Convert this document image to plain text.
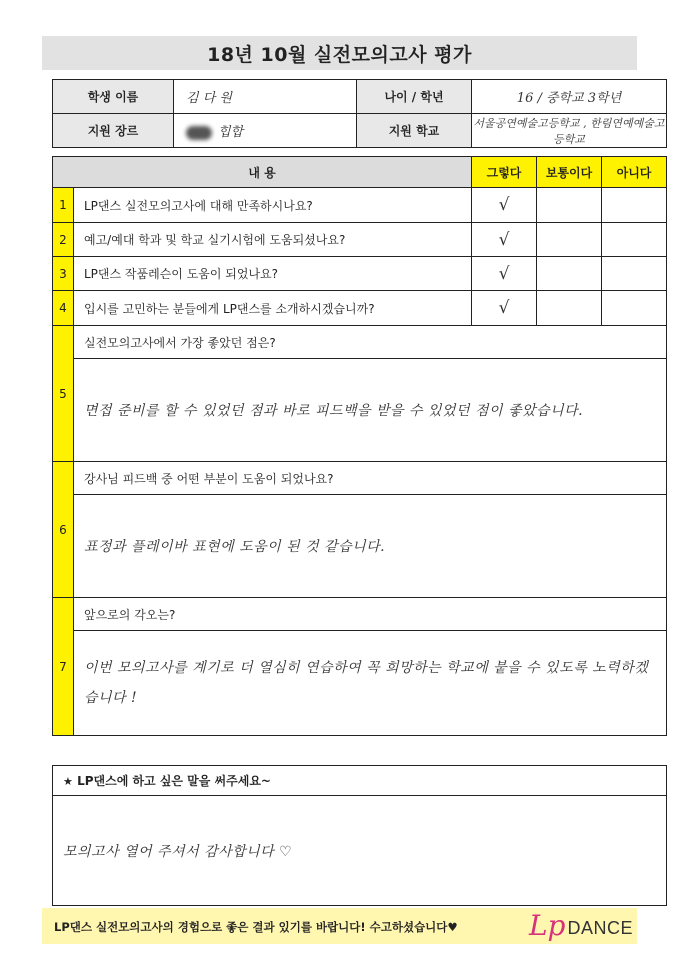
18년 10월 실전모의고사 평가
학생 이름	김 다 원	나이 / 학년	16 / 중학교 3학년
지원 장르	힙합	지원 학교	서울공연예술고등학교 , 한림연예예술고등학교
내 용		그렇다	보통이다	아니다
1	LP댄스 실전모의고사에 대해 만족하시나요?	√		
2	예고/예대 학과 및 학교 실기시험에 도움되셨나요?	√		
3	LP댄스 작품레슨이 도움이 되었나요?	√		
4	입시를 고민하는 분들에게 LP댄스를 소개하시겠습니까?	√		
5	실전모의고사에서 가장 좋았던 점은?			
	면접 준비를 할 수 있었던 점과 바로 피드백을 받을 수 있었던 점이 좋았습니다.			
6	강사님 피드백 중 어떤 부분이 도움이 되었나요?			
	표정과 플레이바 표현에 도움이 된 것 같습니다.			
7	앞으로의 각오는?			
	이번 모의고사를 계기로 더 열심히 연습하여 꼭 희망하는 학교에 붙을 수 있도록 노력하겠습니다 !			
★ LP댄스에 하고 싶은 말을 써주세요~
모의고사 열어 주셔서 감사합니다 ♡
LP댄스 실전모의고사의 경험으로 좋은 결과 있기를 바랍니다! 수고하셨습니다♥	Lp DANCE
